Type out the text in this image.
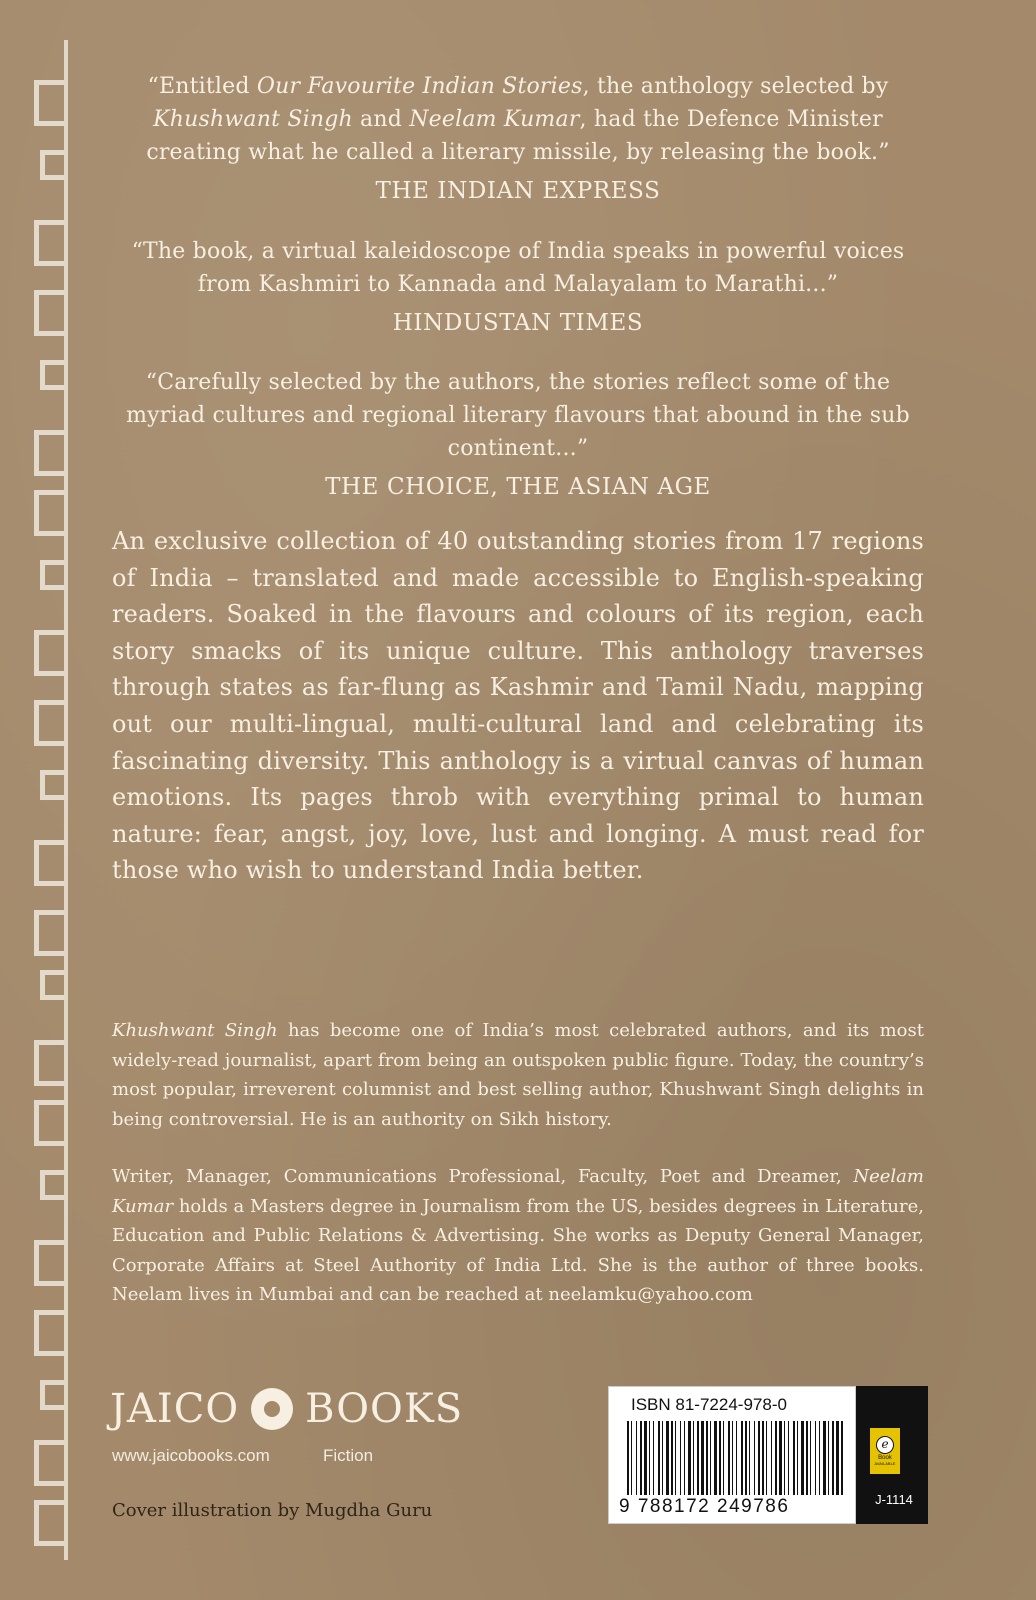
“Entitled Our Favourite Indian Stories, the anthology selected by Khushwant Singh and Neelam Kumar, had the Defence Minister creating what he called a literary missile, by releasing the book.”
THE INDIAN EXPRESS
“The book, a virtual kaleidoscope of India speaks in powerful voices from Kashmiri to Kannada and Malayalam to Marathi...”
HINDUSTAN TIMES
“Carefully selected by the authors, the stories reflect some of the myriad cultures and regional literary flavours that abound in the sub continent...”
THE CHOICE, THE ASIAN AGE
An exclusive collection of 40 outstanding stories from 17 regions of India – translated and made accessible to English-speaking readers. Soaked in the flavours and colours of its region, each story smacks of its unique culture. This anthology traverses through states as far-flung as Kashmir and Tamil Nadu, mapping out our multi-lingual, multi-cultural land and celebrating its fascinating diversity. This anthology is a virtual canvas of human emotions. Its pages throb with everything primal to human nature: fear, angst, joy, love, lust and longing. A must read for those who wish to understand India better.
Khushwant Singh has become one of India’s most celebrated authors, and its most widely-read journalist, apart from being an outspoken public figure. Today, the country’s most popular, irreverent columnist and best selling author, Khushwant Singh delights in being controversial. He is an authority on Sikh history.
Writer, Manager, Communications Professional, Faculty, Poet and Dreamer, Neelam Kumar holds a Masters degree in Journalism from the US, besides degrees in Literature, Education and Public Relations & Advertising. She works as Deputy General Manager, Corporate Affairs at Steel Authority of India Ltd. She is the author of three books. Neelam lives in Mumbai and can be reached at neelamku@yahoo.com
JAICO BOOKS
www.jaicobooks.com	Fiction
Cover illustration by Mugdha Guru
ISBN 81-7224-978-0
9 788172 249786
e
Book
AVAILABLE
J-1114
